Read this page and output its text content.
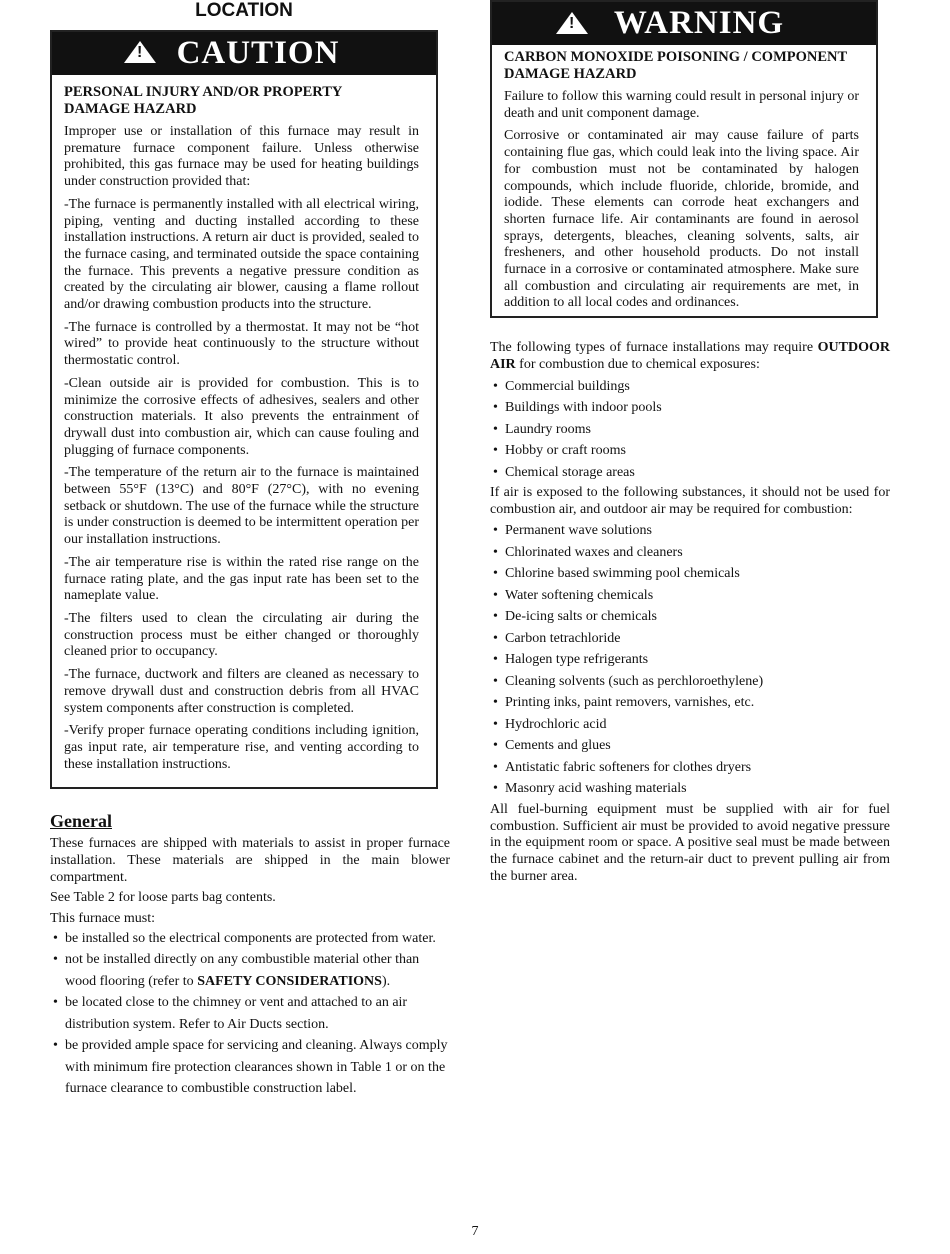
LOCATION
! CAUTION

PERSONAL INJURY AND/OR PROPERTY DAMAGE HAZARD

Improper use or installation of this furnace may result in premature furnace component failure. Unless otherwise prohibited, this gas furnace may be used for heating buildings under construction provided that:

-The furnace is permanently installed with all electrical wiring, piping, venting and ducting installed according to these installation instructions. A return air duct is provided, sealed to the furnace casing, and terminated outside the space containing the furnace. This prevents a negative pressure condition as created by the circulating air blower, causing a flame rollout and/or drawing combustion products into the structure.

-The furnace is controlled by a thermostat. It may not be “hot wired” to provide heat continuously to the structure without thermostatic control.

-Clean outside air is provided for combustion. This is to minimize the corrosive effects of adhesives, sealers and other construction materials. It also prevents the entrainment of drywall dust into combustion air, which can cause fouling and plugging of furnace components.

-The temperature of the return air to the furnace is maintained between 55°F (13°C) and 80°F (27°C), with no evening setback or shutdown. The use of the furnace while the structure is under construction is deemed to be intermittent operation per our installation instructions.

-The air temperature rise is within the rated rise range on the furnace rating plate, and the gas input rate has been set to the nameplate value.

-The filters used to clean the circulating air during the construction process must be either changed or thoroughly cleaned prior to occupancy.

-The furnace, ductwork and filters are cleaned as necessary to remove drywall dust and construction debris from all HVAC system components after construction is completed.

-Verify proper furnace operating conditions including ignition, gas input rate, air temperature rise, and venting according to these installation instructions.

General

These furnaces are shipped with materials to assist in proper furnace installation. These materials are shipped in the main blower compartment.

See Table 2 for loose parts bag contents.

This furnace must:

• be installed so the electrical components are protected from water.
• not be installed directly on any combustible material other than wood flooring (refer to SAFETY CONSIDERATIONS).
• be located close to the chimney or vent and attached to an air distribution system. Refer to Air Ducts section.
• be provided ample space for servicing and cleaning. Always comply with minimum fire protection clearances shown in Table 1 or on the furnace clearance to combustible construction label.
! WARNING

CARBON MONOXIDE POISONING / COMPONENT DAMAGE HAZARD

Failure to follow this warning could result in personal injury or death and unit component damage.

Corrosive or contaminated air may cause failure of parts containing flue gas, which could leak into the living space. Air for combustion must not be contaminated by halogen compounds, which include fluoride, chloride, bromide, and iodide. These elements can corrode heat exchangers and shorten furnace life. Air contaminants are found in aerosol sprays, detergents, bleaches, cleaning solvents, salts, air fresheners, and other household products. Do not install furnace in a corrosive or contaminated atmosphere. Make sure all combustion and circulating air requirements are met, in addition to all local codes and ordinances.

The following types of furnace installations may require OUTDOOR AIR for combustion due to chemical exposures:

• Commercial buildings
• Buildings with indoor pools
• Laundry rooms
• Hobby or craft rooms
• Chemical storage areas

If air is exposed to the following substances, it should not be used for combustion air, and outdoor air may be required for combustion:

• Permanent wave solutions
• Chlorinated waxes and cleaners
• Chlorine based swimming pool chemicals
• Water softening chemicals
• De-icing salts or chemicals
• Carbon tetrachloride
• Halogen type refrigerants
• Cleaning solvents (such as perchloroethylene)
• Printing inks, paint removers, varnishes, etc.
• Hydrochloric acid
• Cements and glues
• Antistatic fabric softeners for clothes dryers
• Masonry acid washing materials

All fuel-burning equipment must be supplied with air for fuel combustion. Sufficient air must be provided to avoid negative pressure in the equipment room or space. A positive seal must be made between the furnace cabinet and the return-air duct to prevent pulling air from the burner area.

7
